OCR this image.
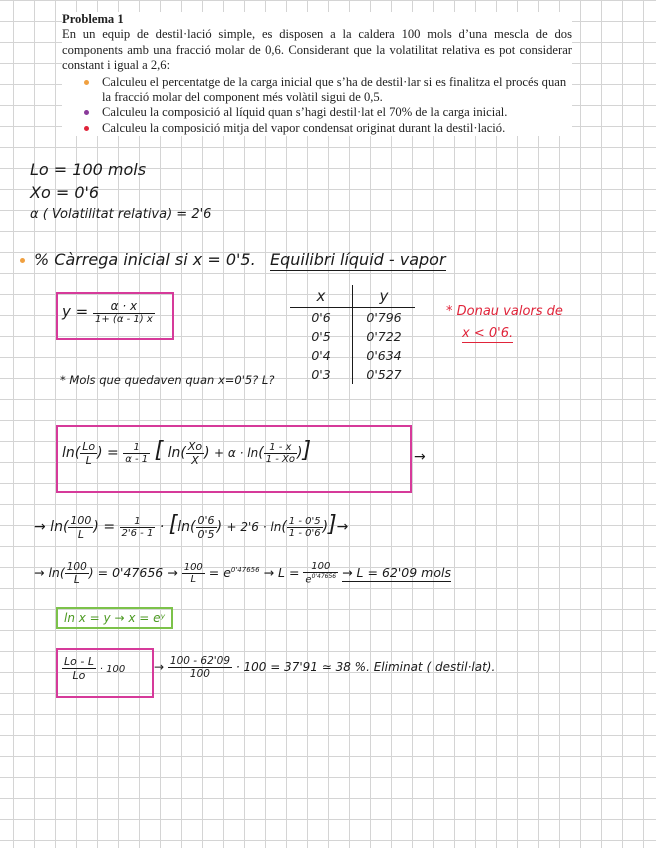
Problema 1

En un equip de destil·lació simple, es disposen a la caldera 100 mols d’una mescla de dos components amb una fracció molar de 0,6. Considerant que la volatilitat relativa es pot considerar constant i igual a 2,6:

Calculeu el percentatge de la carga inicial que s’ha de destil·lar si es finalitza el procés quan la fracció molar del component més volàtil sigui de 0,5.
Calculeu la composició al líquid quan s’hagi destil·lat el 70% de la carga inicial.
Calculeu la composició mitja del vapor condensat originat durant la destil·lació.
Lo = 100 mols
Xo = 0'6
α ( Volatilitat relativa) = 2'6
% Càrrega inicial si x = 0'5. Equilibri líquid - vapor
$y = \frac{\alpha \cdot x}{1+ (\alpha - 1) x}$
x	y
0'6	0'796
0'5	0'722
0'4	0'634
0'3	0'527
* Donau valors de
x < 0'6.
* Mols que quedaven quan x=0'5? L?
$\ln( \frac{Lo}{L}$ ) = $\frac{1}{\alpha - 1}$ [ $\ln( \frac{Xo}{X}$ ) + $\alpha \cdot \ln( \frac{1 - x}{1 - Xo}$ )]	→
→ $\ln( \frac{100}{L}$ ) = $\frac{1}{2'6 - 1} \cdot [\ln( \frac{0'6}{0'5}$ ) + $2'6 \cdot \ln( \frac{1 - 0'5}{1 - 0'6}$ )]→
→ $\ln( \frac{100}{L}$ ) = $0'47656 \to \frac{100}{L} = e^{0'47656} \to L = \frac{100}{e^{0'47656}} \to L = 62'09$ mols
ln x = y → x = eʸ
$\frac{Lo - L}{Lo} \cdot 100 \to \frac{100 - 62'09}{100} \cdot 100 = 37'91$ ≃ 38 %. Eliminat ( destil·lat).
